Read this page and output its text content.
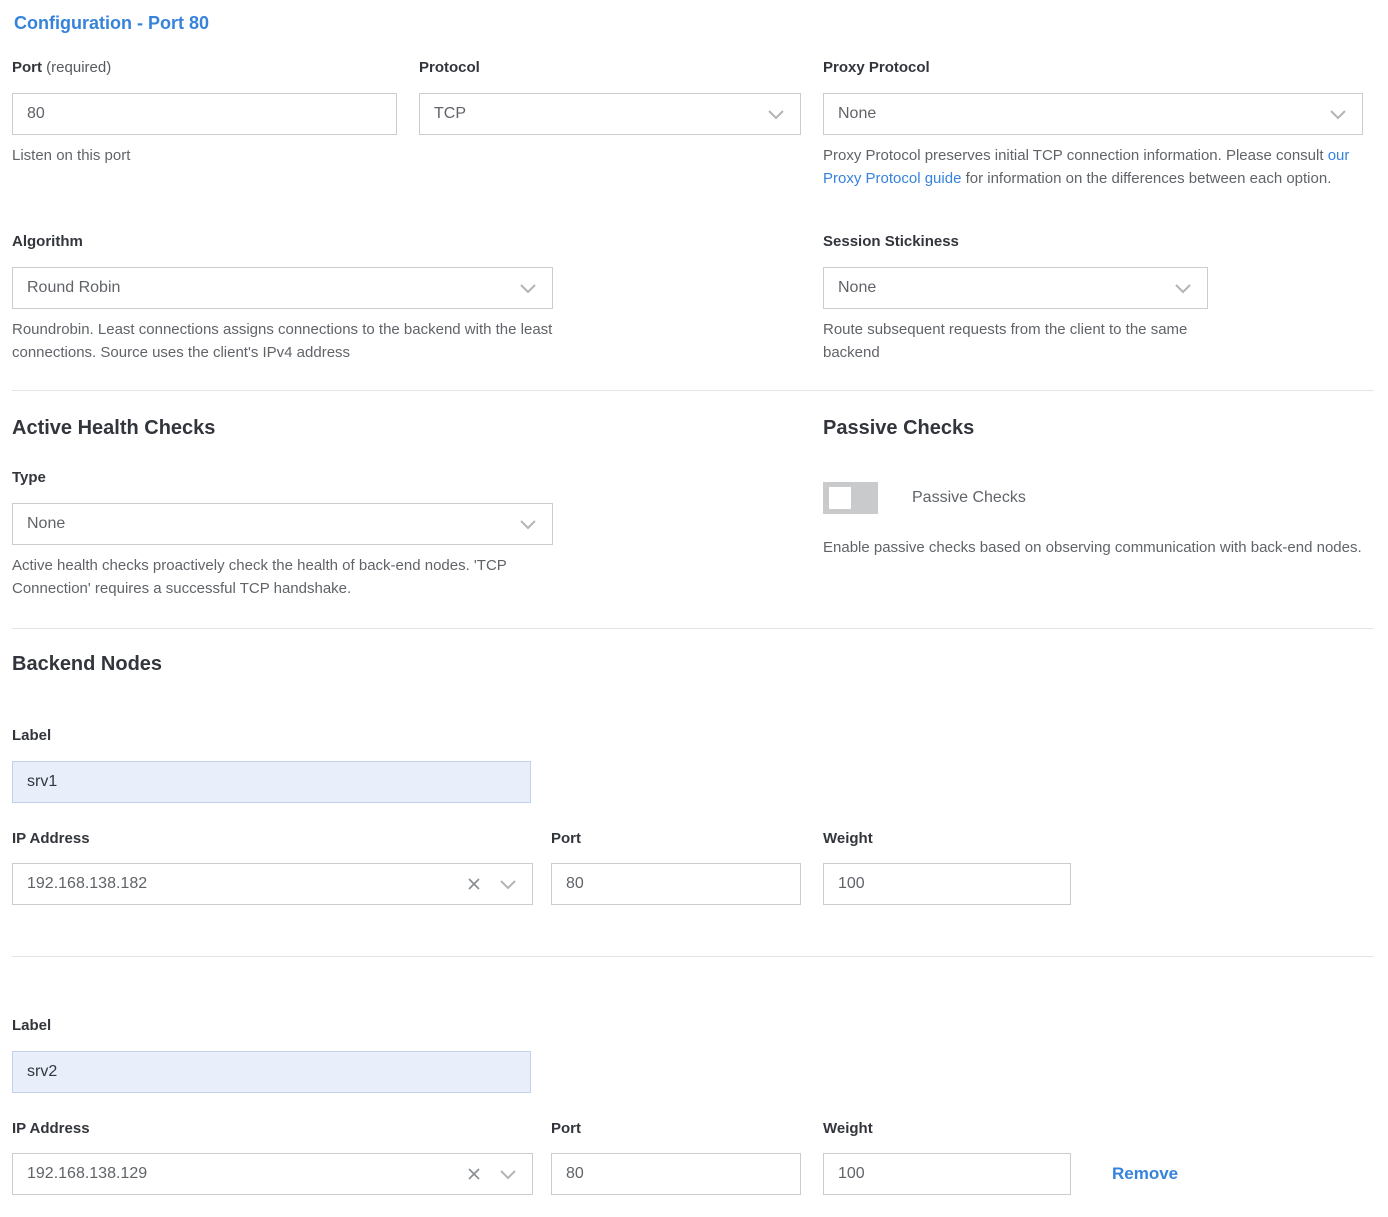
Configuration - Port 80
Port (required)
80
Listen on this port
Protocol
TCP
Proxy Protocol
None
Proxy Protocol preserves initial TCP connection information. Please consult our Proxy Protocol guide for information on the differences between each option.
Algorithm
Round Robin
Roundrobin. Least connections assigns connections to the backend with the least connections. Source uses the client's IPv4 address
Session Stickiness
None
Route subsequent requests from the client to the same backend
Active Health Checks	Passive Checks
Type
None
Active health checks proactively check the health of back-end nodes. 'TCP Connection' requires a successful TCP handshake.
Passive Checks
Enable passive checks based on observing communication with back-end nodes.
Backend Nodes
Label
srv1
IP Address
192.168.138.182
Port
80	Weight
100
Label
srv2
IP Address
192.168.138.129
Port
80	Weight
100
Remove
